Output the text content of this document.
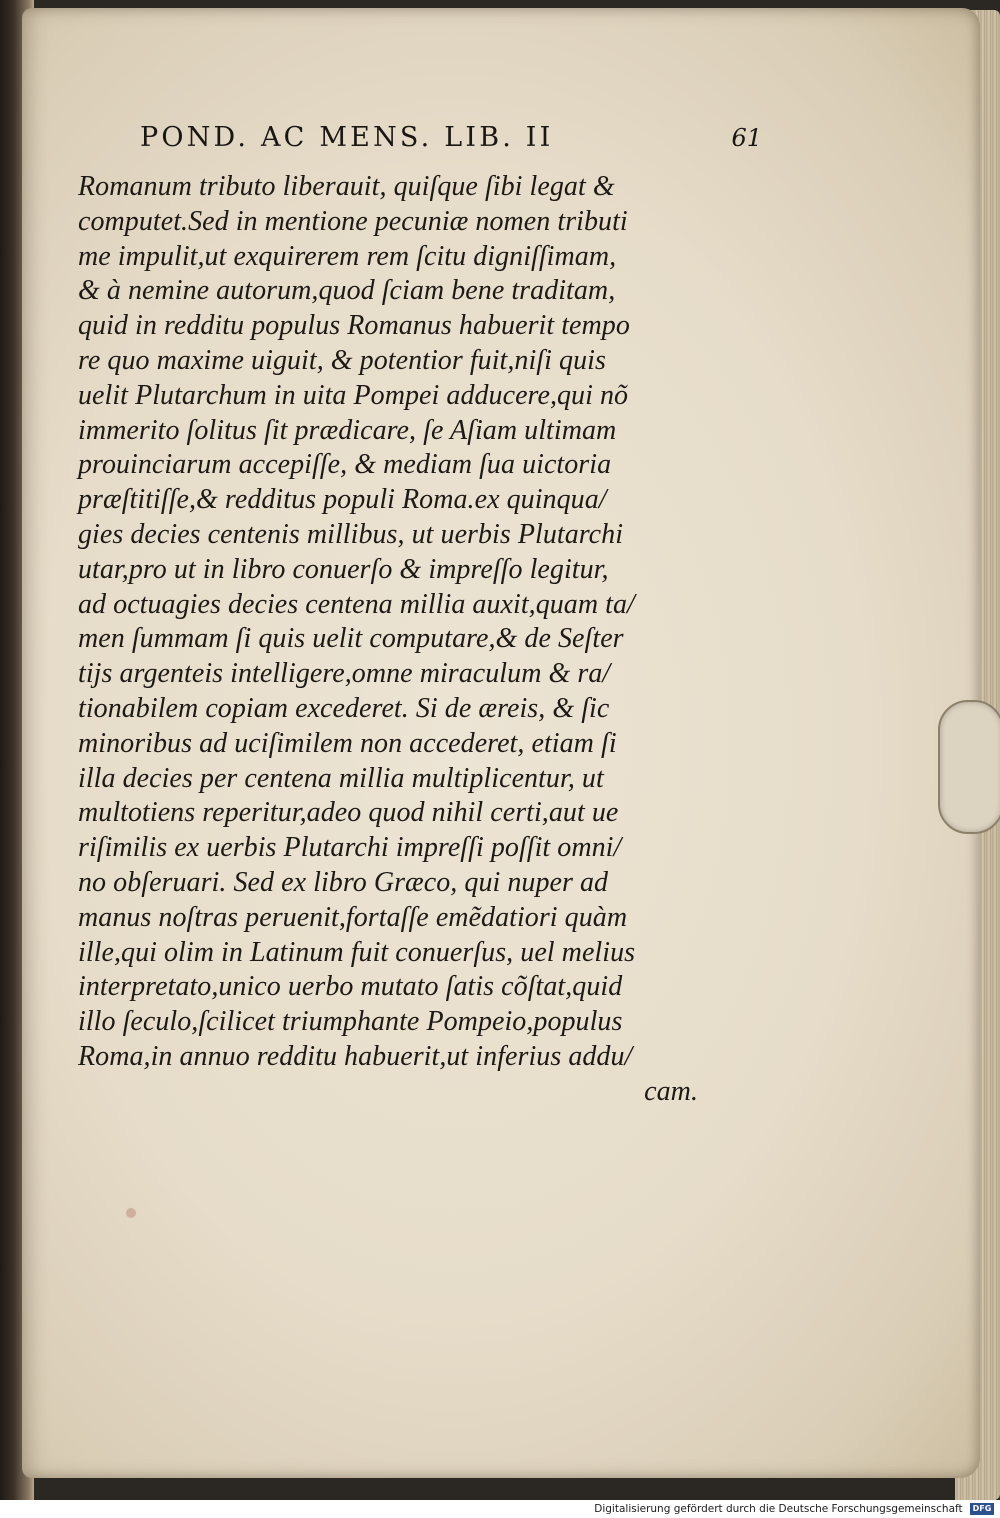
POND. AC MENS. LIB. II	61
Romanum tributo liberauit, quiſque ſibi legat &
computet.Sed in mentione pecuniæ nomen tributi
me impulit,ut exquirerem rem ſcitu digniſſimam,
& à nemine autorum,quod ſciam bene traditam,
quid in redditu populus Romanus habuerit tempo
re quo maxime uiguit, & potentior fuit,niſi quis
uelit Plutarchum in uita Pompei adducere,qui nõ
immerito ſolitus ſit prædicare, ſe Aſiam ultimam
prouinciarum accepiſſe, & mediam ſua uictoria
præſtitiſſe,& redditus populi Roma.ex quinqua/
gies decies centenis millibus, ut uerbis Plutarchi
utar,pro ut in libro conuerſo & impreſſo legitur,
ad octuagies decies centena millia auxit,quam ta/
men ſummam ſi quis uelit computare,& de Seſter
tijs argenteis intelligere,omne miraculum & ra/
tionabilem copiam excederet. Si de æreis, & ſic
minoribus ad uciſimilem non accederet, etiam ſi
illa decies per centena millia multiplicentur, ut
multotiens reperitur,adeo quod nihil certi,aut ue
riſimilis ex uerbis Plutarchi impreſſi poſſit omni/
no obſeruari. Sed ex libro Græco, qui nuper ad
manus noſtras peruenit,fortaſſe emẽdatiori quàm
ille,qui olim in Latinum fuit conuerſus, uel melius
interpretato,unico uerbo mutato ſatis cõſtat,quid
illo ſeculo,ſcilicet triumphante Pompeio,populus
Roma,in annuo redditu habuerit,ut inferius addu/
cam.
Digitalisierung gefördert durch die Deutsche Forschungsgemeinschaft DFG
